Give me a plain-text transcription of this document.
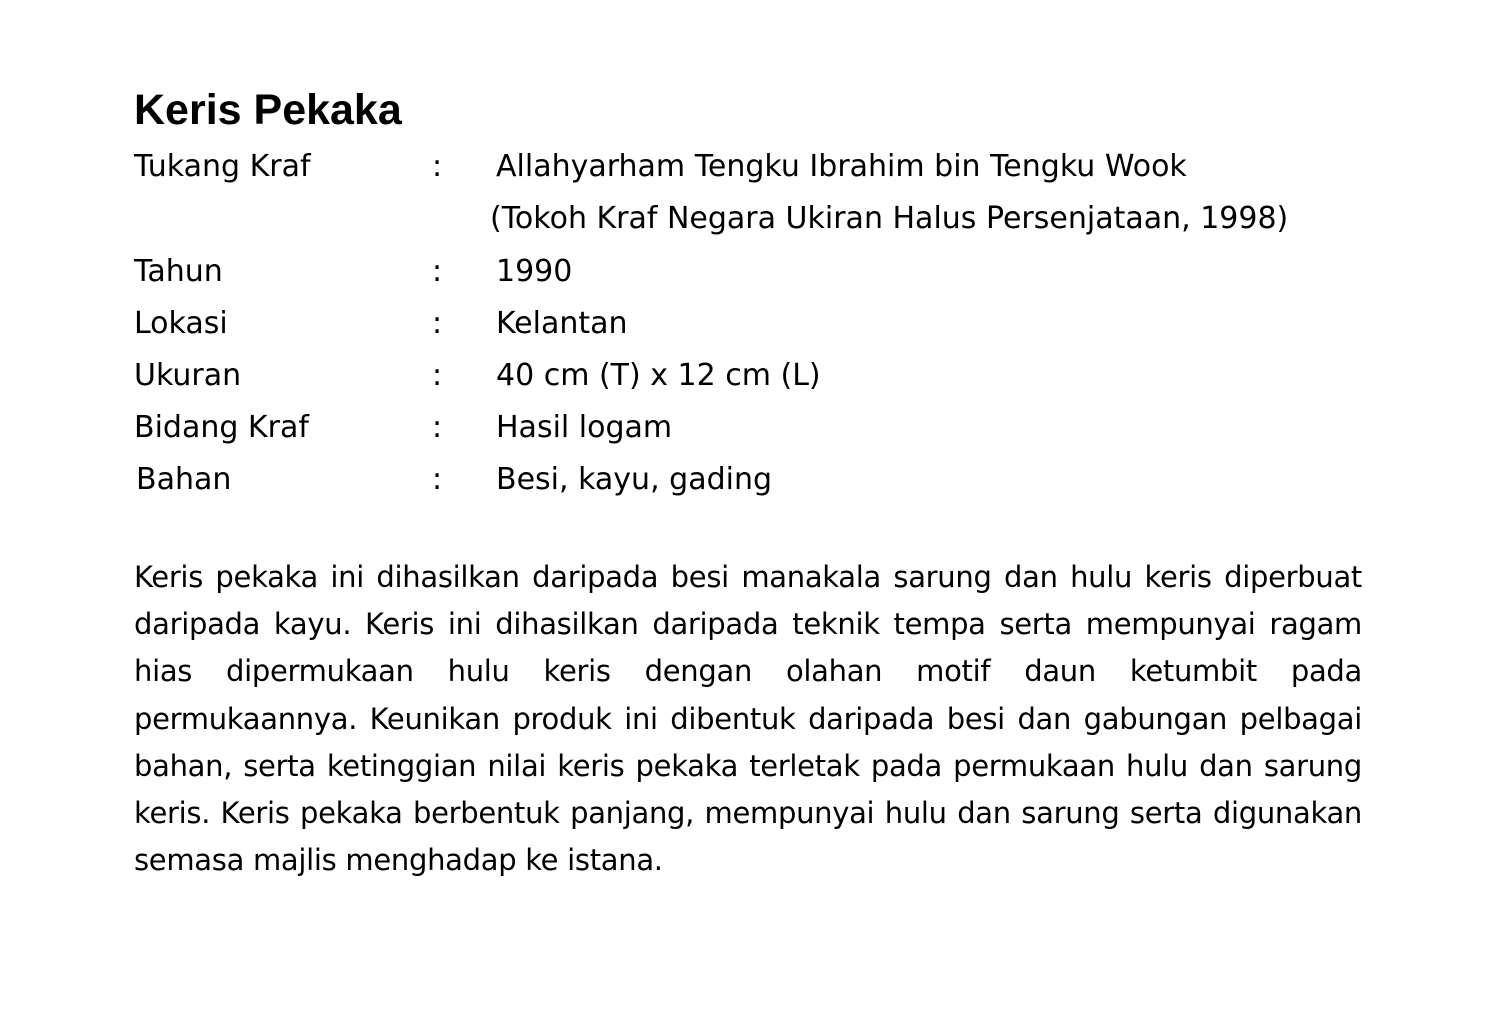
Keris Pekaka
Tukang Kraf	: Allahyarham Tengku Ibrahim bin Tengku Wook
(Tokoh Kraf Negara Ukiran Halus Persenjataan, 1998)
Tahun	: 1990
Lokasi	: Kelantan
Ukuran	: 40 cm (T) x 12 cm (L)
Bidang Kraf	: Hasil logam
Bahan	: Besi, kayu, gading

Keris pekaka ini dihasilkan daripada besi manakala sarung dan hulu keris diperbuat daripada kayu. Keris ini dihasilkan daripada teknik tempa serta mempunyai ragam hias dipermukaan hulu keris dengan olahan motif daun ketumbit pada permukaannya. Keunikan produk ini dibentuk daripada besi dan gabungan pelbagai bahan, serta ketinggian nilai keris pekaka terletak pada permukaan hulu dan sarung keris. Keris pekaka berbentuk panjang, mempunyai hulu dan sarung serta digunakan semasa majlis menghadap ke istana.
